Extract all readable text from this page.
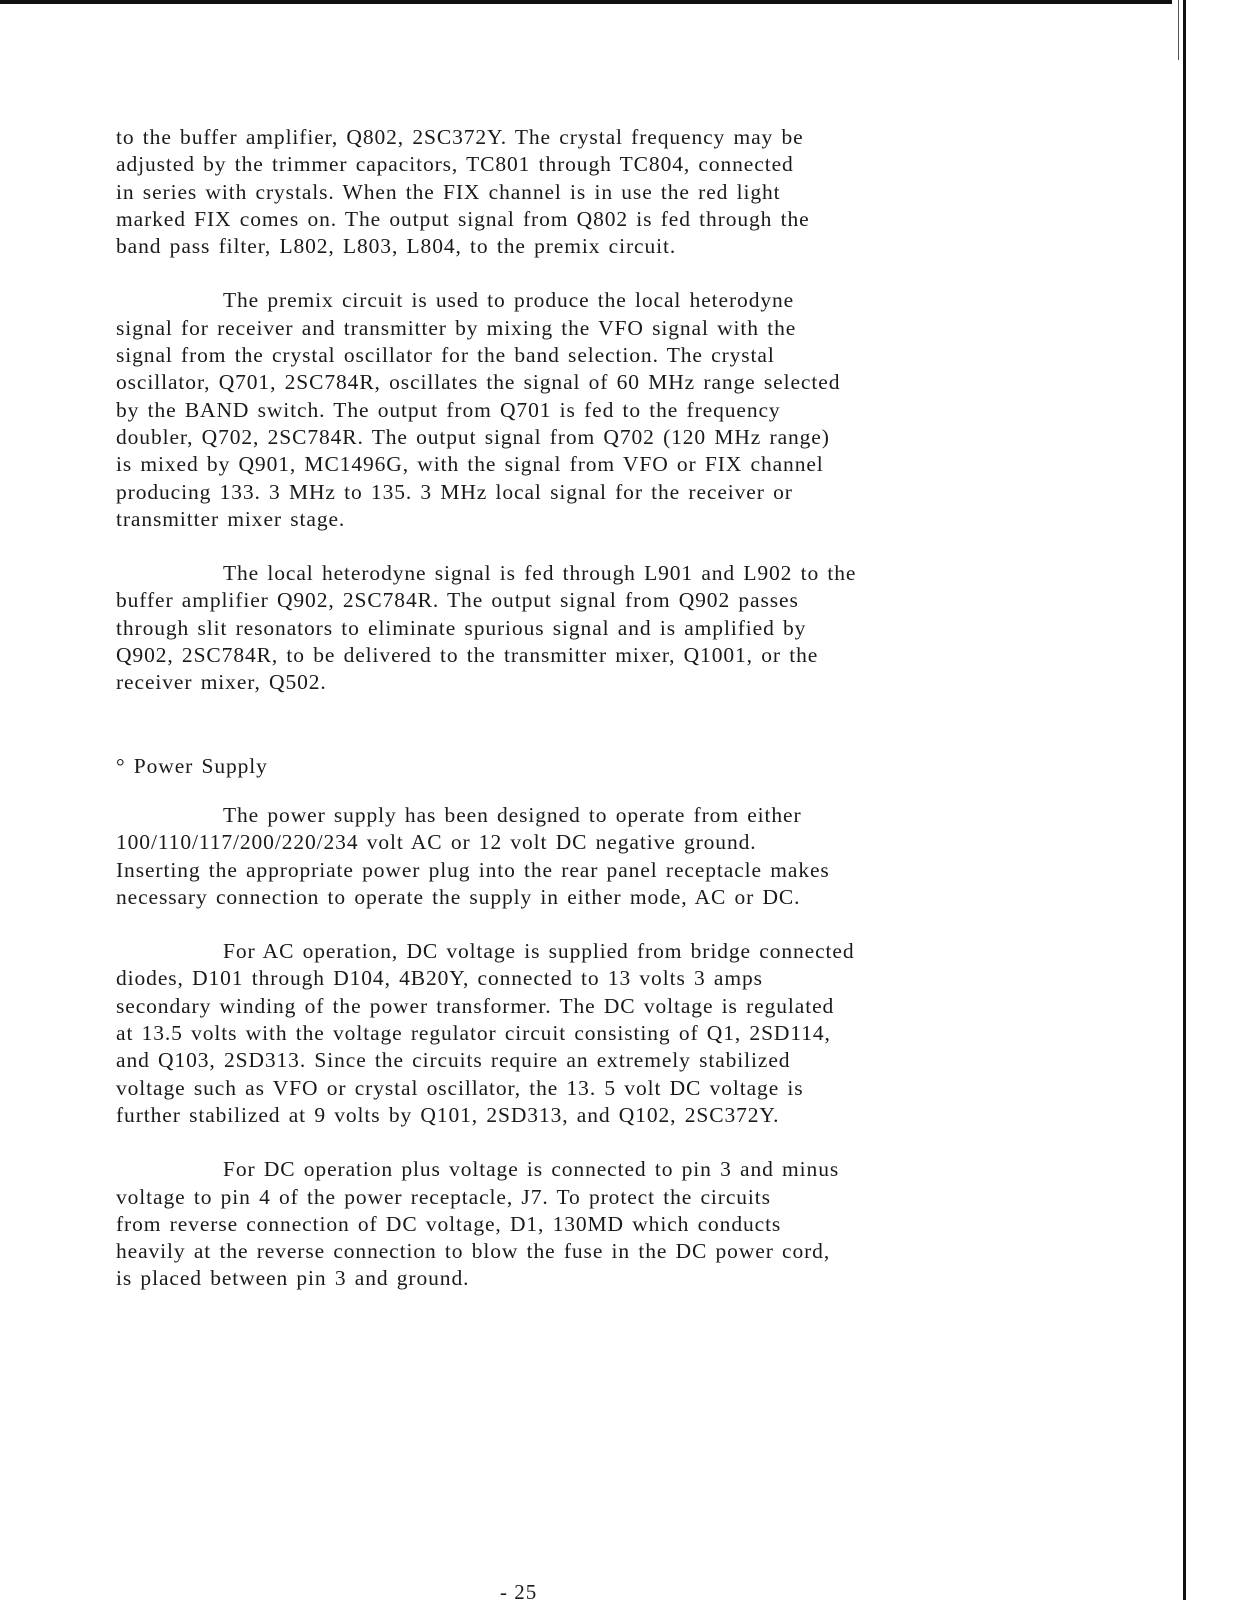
to the buffer amplifier, Q802, 2SC372Y. The crystal frequency may be
adjusted by the trimmer capacitors, TC801 through TC804, connected
in series with crystals. When the FIX channel is in use the red light
marked FIX comes on. The output signal from Q802 is fed through the
band pass filter, L802, L803, L804, to the premix circuit.

The premix circuit is used to produce the local heterodyne
signal for receiver and transmitter by mixing the VFO signal with the
signal from the crystal oscillator for the band selection. The crystal
oscillator, Q701, 2SC784R, oscillates the signal of 60 MHz range selected
by the BAND switch. The output from Q701 is fed to the frequency
doubler, Q702, 2SC784R. The output signal from Q702 (120 MHz range)
is mixed by Q901, MC1496G, with the signal from VFO or FIX channel
producing 133. 3 MHz to 135. 3 MHz local signal for the receiver or
transmitter mixer stage.

The local heterodyne signal is fed through L901 and L902 to the
buffer amplifier Q902, 2SC784R. The output signal from Q902 passes
through slit resonators to eliminate spurious signal and is amplified by
Q902, 2SC784R, to be delivered to the transmitter mixer, Q1001, or the
receiver mixer, Q502.

° Power Supply

The power supply has been designed to operate from either
100/110/117/200/220/234 volt AC or 12 volt DC negative ground.
Inserting the appropriate power plug into the rear panel receptacle makes
necessary connection to operate the supply in either mode, AC or DC.

For AC operation, DC voltage is supplied from bridge connected
diodes, D101 through D104, 4B20Y, connected to 13 volts 3 amps
secondary winding of the power transformer. The DC voltage is regulated
at 13.5 volts with the voltage regulator circuit consisting of Q1, 2SD114,
and Q103, 2SD313. Since the circuits require an extremely stabilized
voltage such as VFO or crystal oscillator, the 13. 5 volt DC voltage is
further stabilized at 9 volts by Q101, 2SD313, and Q102, 2SC372Y.

For DC operation plus voltage is connected to pin 3 and minus
voltage to pin 4 of the power receptacle, J7. To protect the circuits
from reverse connection of DC voltage, D1, 130MD which conducts
heavily at the reverse connection to blow the fuse in the DC power cord,
is placed between pin 3 and ground.

- 25
